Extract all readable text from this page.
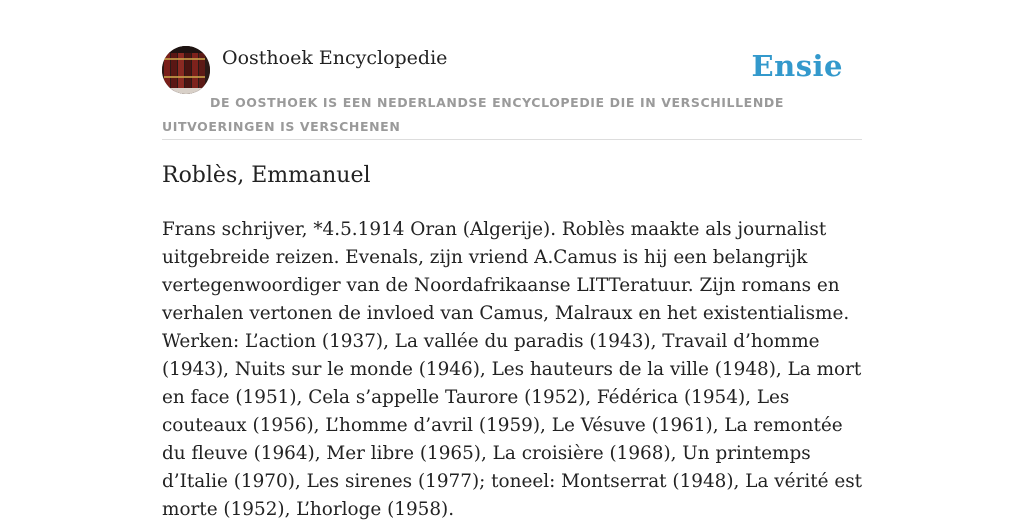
Oosthoek Encyclopedie	Ensie
DE OOSTHOEK IS EEN NEDERLANDSE ENCYCLOPEDIE DIE IN VERSCHILLENDE UITVOERINGEN IS VERSCHENEN
Roblès, Emmanuel

Frans schrijver, *4.5.1914 Oran (Algerije). Roblès maakte als journalist uitgebreide reizen. Evenals, zijn vriend A.Camus is hij een belangrijk vertegenwoordiger van de Noordafrikaanse LITTeratuur. Zijn romans en verhalen vertonen de invloed van Camus, Malraux en het existentialisme. Werken: L’action (1937), La vallée du paradis (1943), Travail d’homme (1943), Nuits sur le monde (1946), Les hauteurs de la ville (1948), La mort en face (1951), Cela s’appelle Taurore (1952), Fédérica (1954), Les couteaux (1956), L’homme d’avril (1959), Le Vésuve (1961), La remontée du fleuve (1964), Mer libre (1965), La croisière (1968), Un printemps d’Italie (1970), Les sirenes (1977); toneel: Montserrat (1948), La vérité est morte (1952), L’horloge (1958).
